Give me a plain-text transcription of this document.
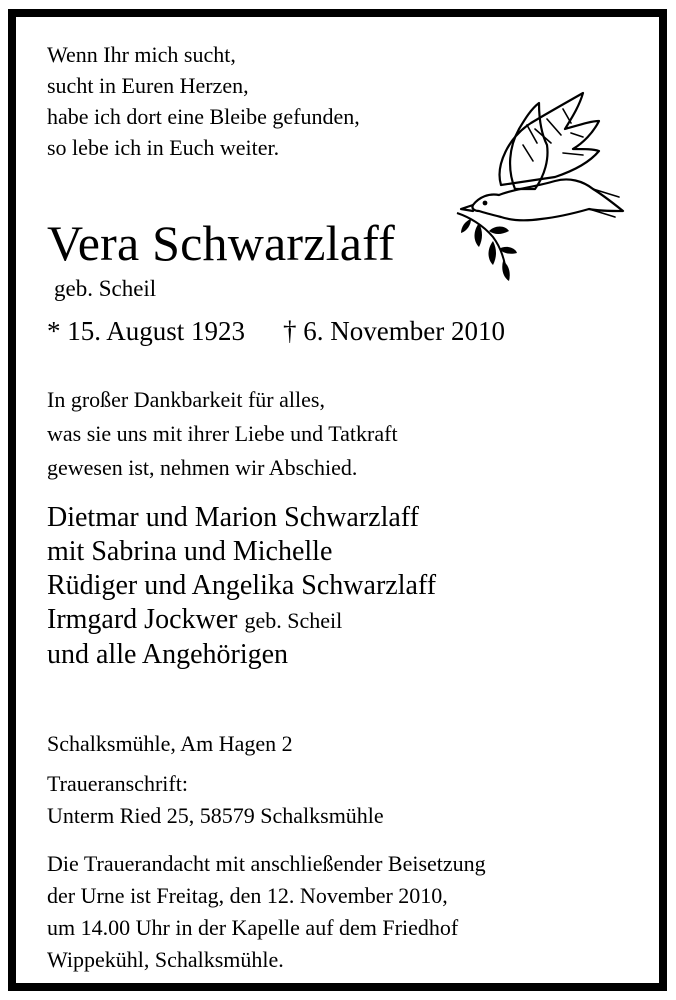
Wenn Ihr mich sucht,
sucht in Euren Herzen,
habe ich dort eine Bleibe gefunden,
so lebe ich in Euch weiter.

Vera Schwarzlaff

geb. Scheil

* 15. August 1923 † 6. November 2010

In großer Dankbarkeit für alles,
was sie uns mit ihrer Liebe und Tatkraft
gewesen ist, nehmen wir Abschied.

Dietmar und Marion Schwarzlaff
mit Sabrina und Michelle
Rüdiger und Angelika Schwarzlaff
Irmgard Jockwer geb. Scheil
und alle Angehörigen

Schalksmühle, Am Hagen 2

Traueranschrift:
Unterm Ried 25, 58579 Schalksmühle

Die Trauerandacht mit anschließender Beisetzung
der Urne ist Freitag, den 12. November 2010,
um 14.00 Uhr in der Kapelle auf dem Friedhof
Wippekühl, Schalksmühle.
